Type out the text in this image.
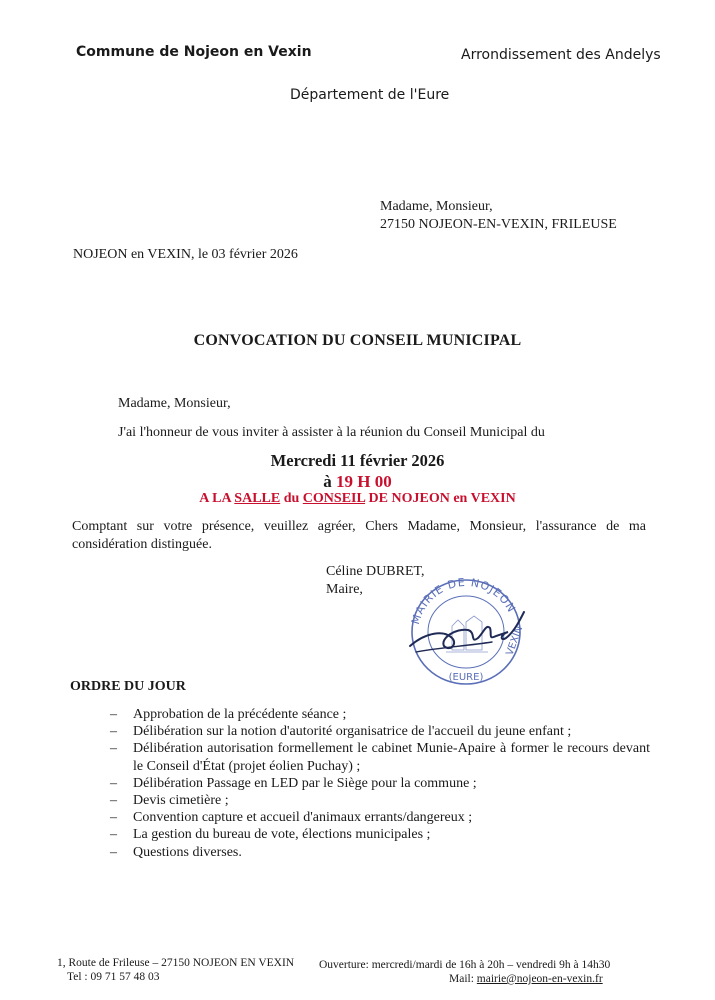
Commune de Nojeon en Vexin	Arrondissement des Andelys
Département de l'Eure
Madame, Monsieur,
27150 NOJEON-EN-VEXIN, FRILEUSE
NOJEON en VEXIN, le 03 février 2026
CONVOCATION DU CONSEIL MUNICIPAL
Madame, Monsieur,
J'ai l'honneur de vous inviter à assister à la réunion du Conseil Municipal du
Mercredi 11 février 2026
à 19 H 00
A LA SALLE du CONSEIL DE NOJEON en VEXIN
Comptant sur votre présence, veuillez agréer, Chers Madame, Monsieur, l'assurance de ma considération distinguée.
Céline DUBRET,
Maire,
MAIRIE DE NOJEON
VEXIN
(EURE)
ORDRE DU JOUR
– Approbation de la précédente séance ;
– Délibération sur la notion d'autorité organisatrice de l'accueil du jeune enfant ;
– Délibération autorisation formellement le cabinet Munie-Apaire à former le recours devant le Conseil d'État (projet éolien Puchay) ;
– Délibération Passage en LED par le Siège pour la commune ;
– Devis cimetière ;
– Convention capture et accueil d'animaux errants/dangereux ;
– La gestion du bureau de vote, élections municipales ;
– Questions diverses.
1, Route de Frileuse – 27150 NOJEON EN VEXIN
Tel : 09 71 57 48 03
Ouverture: mercredi/mardi de 16h à 20h – vendredi 9h à 14h30
Mail: mairie@nojeon-en-vexin.fr
